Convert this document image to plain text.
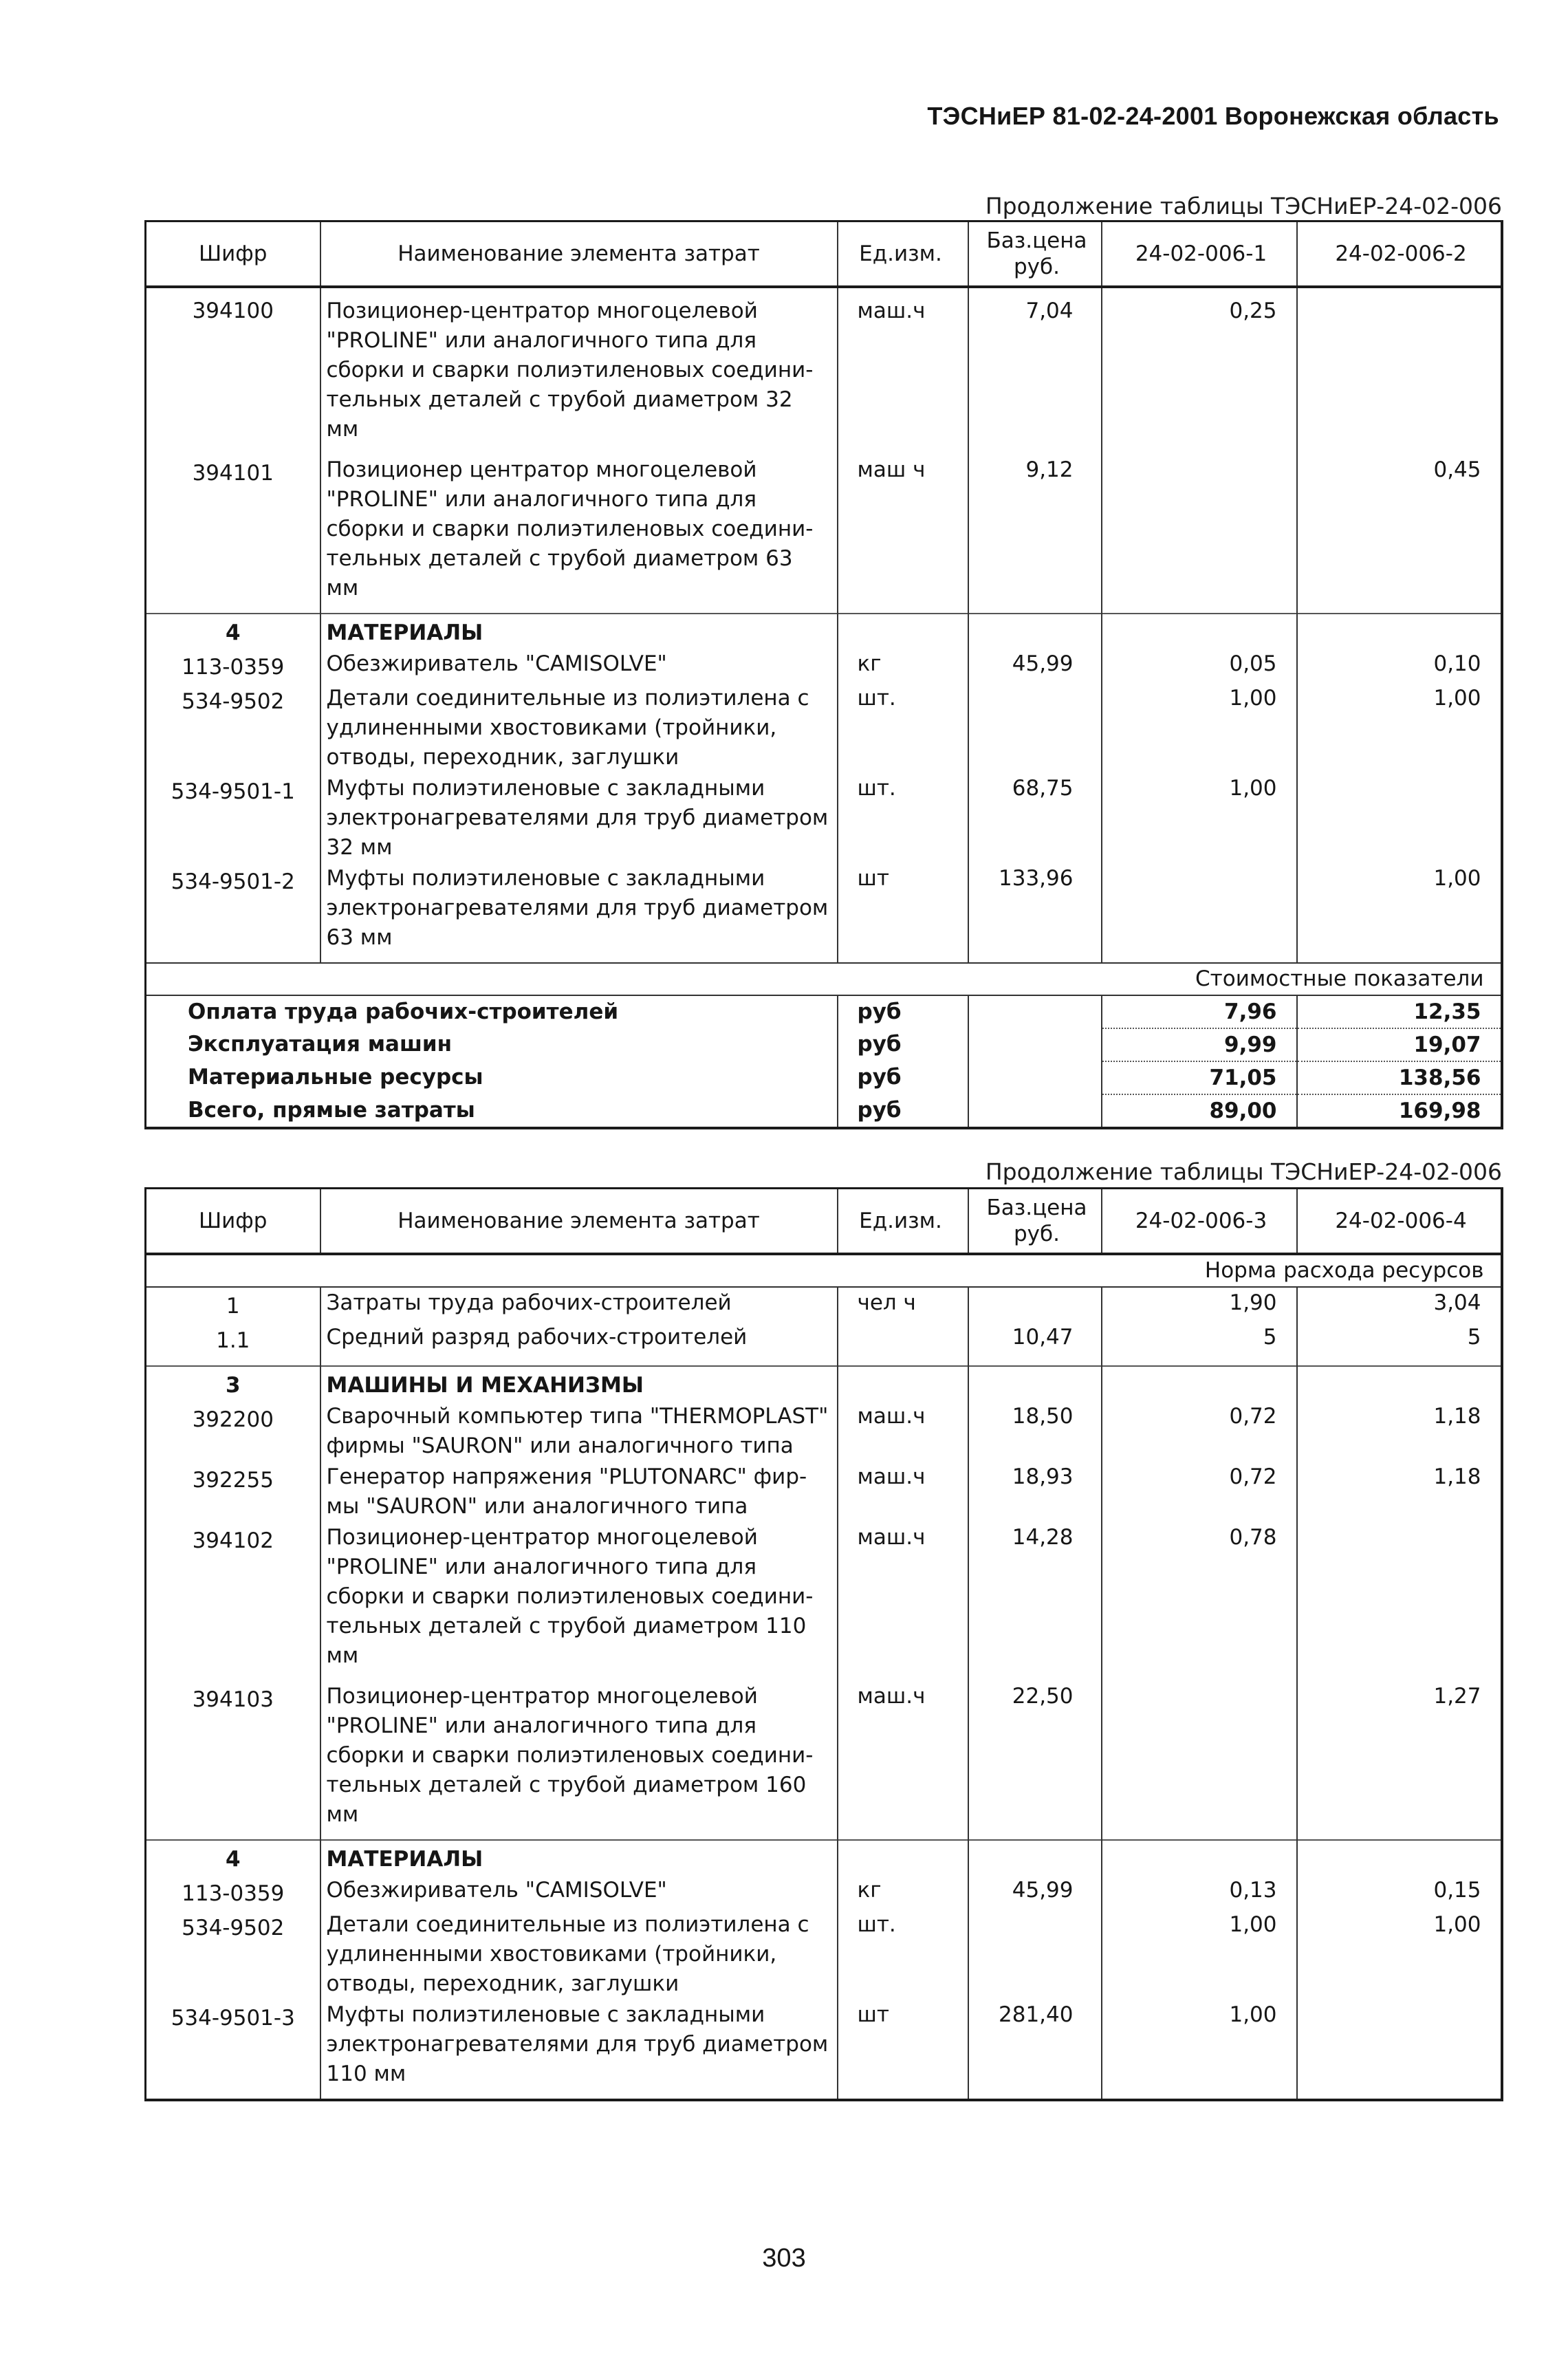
ТЭСНиЕР 81-02-24-2001 Воронежская область
Продолжение таблицы ТЭСНиЕР-24-02-006
Шифр	Наименование элемента затрат	Ед.изм.	Баз.цена руб.	24-02-006-1	24-02-006-2
394100	Позиционер-центратор многоцелевой "PROLINE" или аналогичного типа для сборки и сварки полиэтиленовых соедини-тельных деталей с трубой диаметром 32 мм	маш.ч	7,04	0,25	

394101	Позиционер центратор многоцелевой "PROLINE" или аналогичного типа для сборки и сварки полиэтиленовых соедини-тельных деталей с трубой диаметром 63 мм	маш ч	9,12		0,45
4	МАТЕРИАЛЫ				
113-0359	Обезжириватель "CAMISOLVE"	кг	45,99	0,05	0,10
534-9502	Детали соединительные из полиэтилена с удлиненными хвостовиками (тройники, отводы, переходник, заглушки	шт.		1,00	1,00
534-9501-1	Муфты полиэтиленовые с закладными электронагревателями для труб диаметром 32 мм	шт.	68,75	1,00	
534-9501-2	Муфты полиэтиленовые с закладными электронагревателями для труб диаметром 63 мм	шт	133,96		1,00
Стоимостные показатели					
Оплата труда рабочих-строителей		руб		7,96	12,35
Эксплуатация машин		руб		9,99	19,07
Материальные ресурсы		руб		71,05	138,56
Всего, прямые затраты		руб		89,00	169,98
Продолжение таблицы ТЭСНиЕР-24-02-006
Шифр	Наименование элемента затрат	Ед.изм.	Баз.цена руб.	24-02-006-3	24-02-006-4
Норма расхода ресурсов					
1	Затраты труда рабочих-строителей	чел ч		1,90	3,04
1.1	Средний разряд рабочих-строителей		10,47	5	5
3	МАШИНЫ И МЕХАНИЗМЫ				
392200	Сварочный компьютер типа "THERMOPLAST" фирмы "SAURON" или аналогичного типа	маш.ч	18,50	0,72	1,18
392255	Генератор напряжения "PLUTONARC" фир-мы "SAURON" или аналогичного типа	маш.ч	18,93	0,72	1,18
394102	Позиционер-центратор многоцелевой "PROLINE" или аналогичного типа для сборки и сварки полиэтиленовых соедини-тельных деталей с трубой диаметром 110 мм	маш.ч	14,28	0,78	

394103	Позиционер-центратор многоцелевой "PROLINE" или аналогичного типа для сборки и сварки полиэтиленовых соедини-тельных деталей с трубой диаметром 160 мм	маш.ч	22,50		1,27
4	МАТЕРИАЛЫ				
113-0359	Обезжириватель "CAMISOLVE"	кг	45,99	0,13	0,15
534-9502	Детали соединительные из полиэтилена с удлиненными хвостовиками (тройники, отводы, переходник, заглушки	шт.		1,00	1,00
534-9501-3	Муфты полиэтиленовые с закладными электронагревателями для труб диаметром 110 мм	шт	281,40	1,00	
303
